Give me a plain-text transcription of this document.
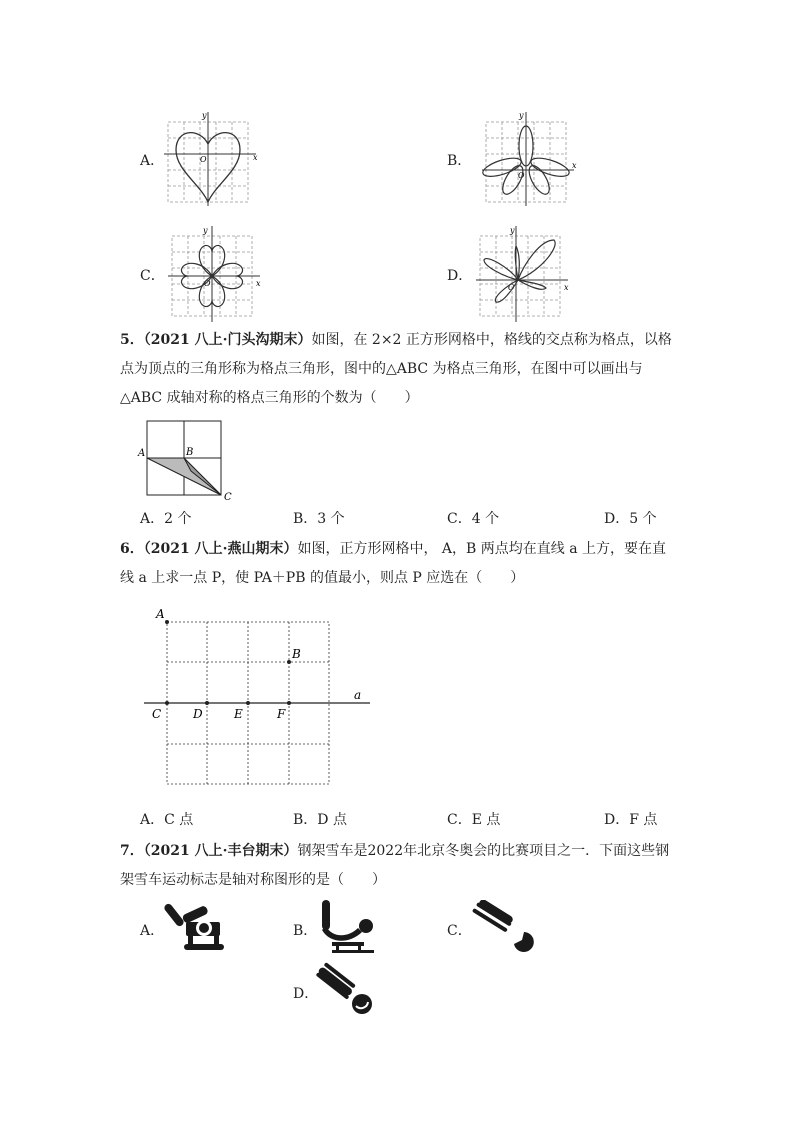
A．
y
x
O	B．
y
x
O
C．
y
x
O	D．
y
x
O
5．（2021 八上·门头沟期末）如图，在 2×2 正方形网格中，格线的交点称为格点，以格
点为顶点的三角形称为格点三角形，图中的△ABC 为格点三角形，在图中可以画出与
△ABC 成轴对称的格点三角形的个数为（　　）
A	B
C
A．2 个	B．3 个	C．4 个	D．5 个
6．（2021 八上·燕山期末）如图，正方形网格中， A，B 两点均在直线 a 上方，要在直
线 a 上求一点 P，使 PA＋PB 的值最小，则点 P 应选在（　　）
A
B
C	D	E	F
a
A．C 点	B．D 点	C．E 点	D．F 点
7．（2021 八上·丰台期末）钢架雪车是2022年北京冬奥会的比赛项目之一．下面这些钢
架雪车运动标志是轴对称图形的是（　　）
A．	B．	C．
D．
